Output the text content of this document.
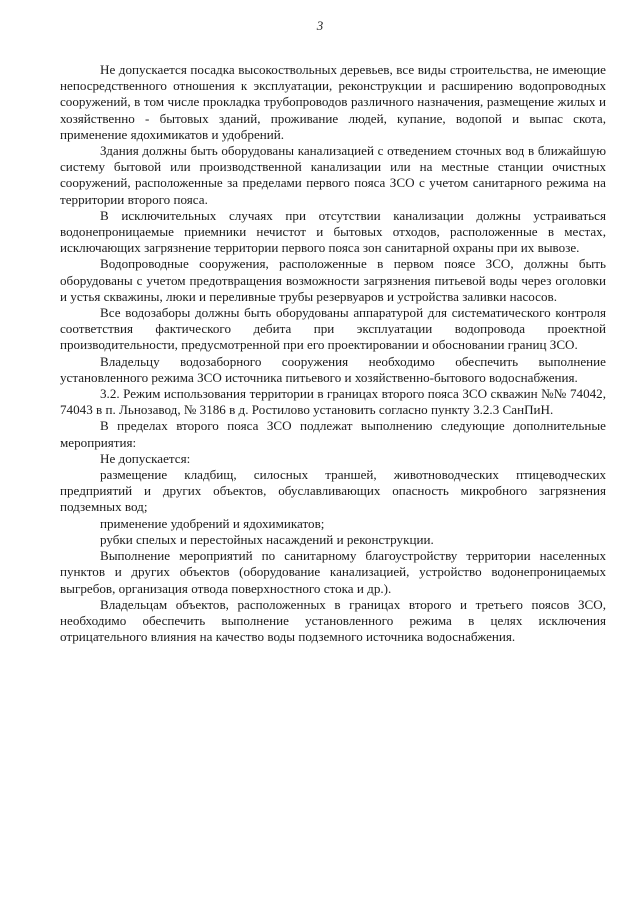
3

Не допускается посадка высокоствольных деревьев, все виды строительства, не имеющие непосредственного отношения к эксплуатации, реконструкции и расширению водопроводных сооружений, в том числе прокладка трубопроводов различного назначения, размещение жилых и хозяйственно - бытовых зданий, проживание людей, купание, водопой и выпас скота, применение ядохимикатов и удобрений.

Здания должны быть оборудованы канализацией с отведением сточных вод в ближайшую систему бытовой или производственной канализации или на местные станции очистных сооружений, расположенные за пределами первого пояса ЗСО с учетом санитарного режима на территории второго пояса.

В исключительных случаях при отсутствии канализации должны устраиваться водонепроницаемые приемники нечистот и бытовых отходов, расположенные в местах, исключающих загрязнение территории первого пояса зон санитарной охраны при их вывозе.

Водопроводные сооружения, расположенные в первом поясе ЗСО, должны быть оборудованы с учетом предотвращения возможности загрязнения питьевой воды через оголовки и устья скважины, люки и переливные трубы резервуаров и устройства заливки насосов.

Все водозаборы должны быть оборудованы аппаратурой для систематического контроля соответствия фактического дебита при эксплуатации водопровода проектной производительности, предусмотренной при его проектировании и обосновании границ ЗСО.

Владельцу водозаборного сооружения необходимо обеспечить выполнение установленного режима ЗСО источника питьевого и хозяйственно-бытового водоснабжения.

3.2. Режим использования территории в границах второго пояса ЗСО скважин №№ 74042, 74043 в п. Льнозавод, № 3186 в д. Ростилово установить согласно пункту 3.2.3 СанПиН.

В пределах второго пояса ЗСО подлежат выполнению следующие дополнительные мероприятия:

Не допускается:

размещение кладбищ, силосных траншей, животноводческих птицеводческих предприятий и других объектов, обуславливающих опасность микробного загрязнения подземных вод;

применение удобрений и ядохимикатов;

рубки спелых и перестойных насаждений и реконструкции.

Выполнение мероприятий по санитарному благоустройству территории населенных пунктов и других объектов (оборудование канализацией, устройство водонепроницаемых выгребов, организация отвода поверхностного стока и др.).

Владельцам объектов, расположенных в границах второго и третьего поясов ЗСО, необходимо обеспечить выполнение установленного режима в целях исключения отрицательного влияния на качество воды подземного источника водоснабжения.
